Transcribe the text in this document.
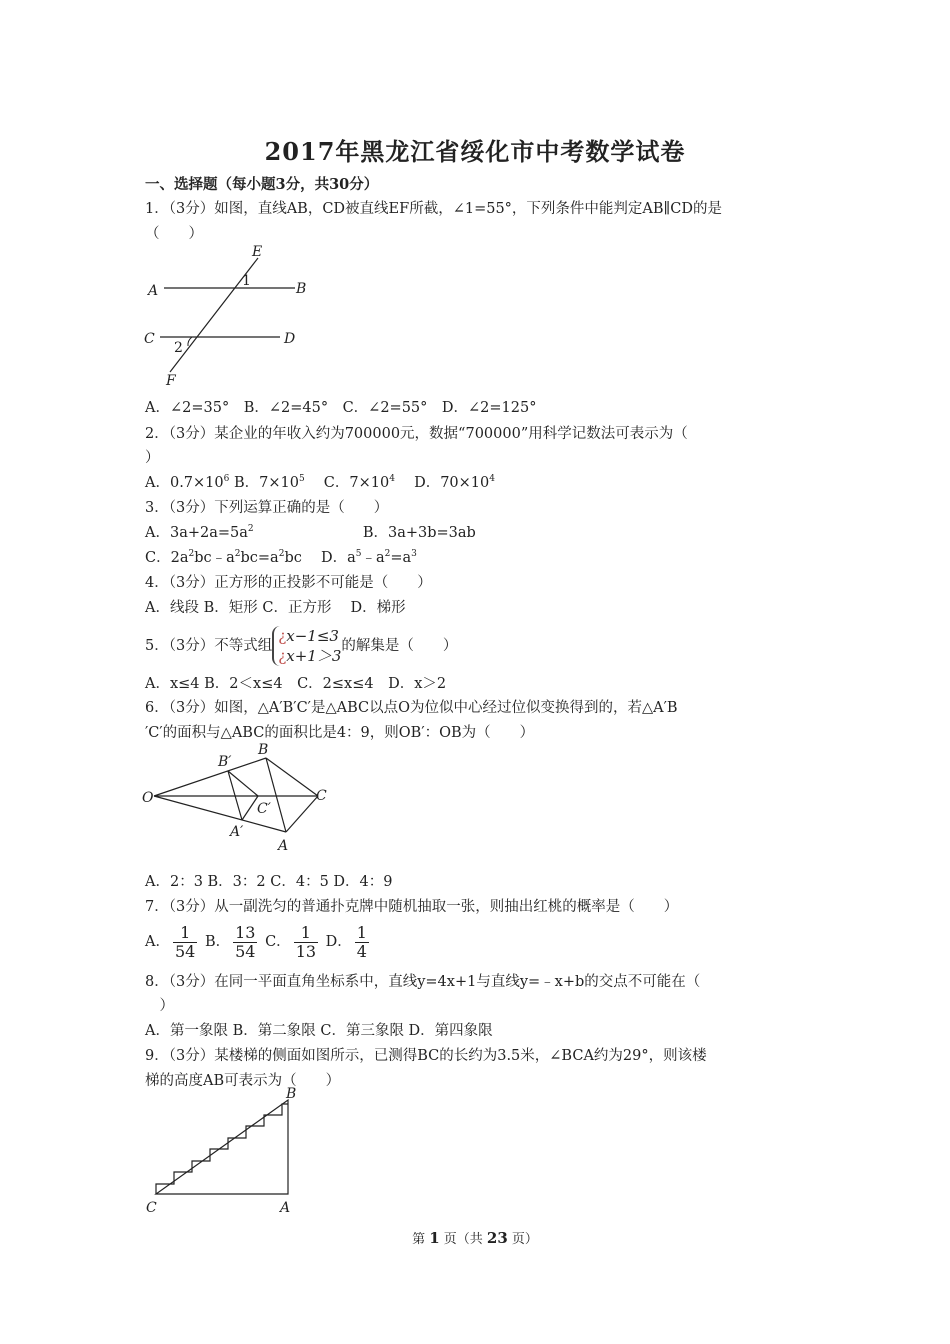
2017年黑龙江省绥化市中考数学试卷
一、选择题（每小题3分，共30分）
1．（3分）如图，直线AB，CD被直线EF所截，∠1=55°，下列条件中能判定AB∥CD的是
（　　）
E
A	B
1
C	D
2
F
A．∠2=35°　B．∠2=45°　C．∠2=55°　D．∠2=125°
2．（3分）某企业的年收入约为700000元，数据“700000”用科学记数法可表示为（
）
A．$0.7\times 10^6$ B．$7\times 10^5$ 　C．$7\times 10^4$ 　D．$70\times 10^4$
3．（3分）下列运算正确的是（　　）
A．$3a+2a=5a^2$	B．3a+3b=3ab
C．$2a^2bc﹣a^2bc=a^2bc$ 　D．$a^5﹣a^2=a^3$
4．（3分）正方形的正投影不可能是（　　）
A．线段 B．矩形 C．正方形　 D．梯形
5．（3分）不等式组¿x−1≤3
¿x+1＞3的解集是（　　）
A．x≤4 B．2＜x≤4　C．2≤x≤4　D．x＞2
6．（3分）如图，△A′B′C′是△ABC以点O为位似中心经过位似变换得到的，若△A′B
′C′的面积与△ABC的面积比是4：9，则OB′：OB为（　　）
O
B
B′
C
C′
A′
A
A．2：3 B．3：2 C．4：5 D．4：9
7．（3分）从一副洗匀的普通扑克牌中随机抽取一张，则抽出红桃的概率是（　　）
A． $\frac{1}{54}$ B． $\frac{13}{54}$ C． $\frac{1}{13}$ D． $\frac{1}{4}$
8．（3分）在同一平面直角坐标系中，直线y=4x+1与直线y=﹣x+b的交点不可能在（
　）
A．第一象限 B．第二象限 C．第三象限 D．第四象限
9．（3分）某楼梯的侧面如图所示，已测得BC的长约为3.5米，∠BCA约为29°，则该楼
梯的高度AB可表示为（　　）
B
C	A
第 1 页（共 23 页）
